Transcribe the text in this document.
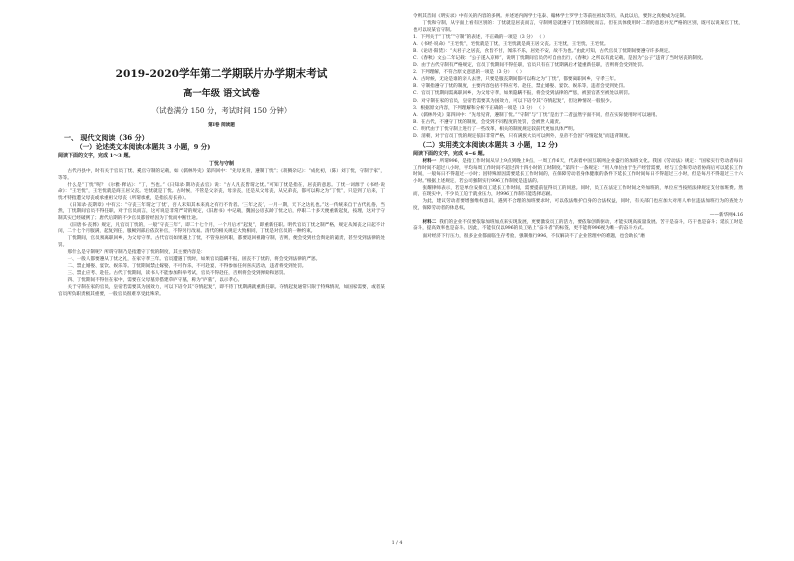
2019-2020学年第二学期联片办学期末考试

高一年级 语文试卷

（试卷满分 150 分，考试时间 150 分钟）

第Ⅰ卷 阅读题

一、 现代文阅读（36 分）

（一）论述类文本阅读(本题共 3 小题，9 分)

阅读下面的文字，完成 1～3 题。

丁忧与守制

古代丹县中，时有关于官员丁忧、奚官守制的记载，如《儒林外史》第四回中：“先母见背，遵制丁忧”；《蒋腾杂记》：“成化初，（陈）刘丁忧，守制于家”，等等。

什么是“丁忧”呢？《尔雅·释诂》：“丁，当也。”《日知录·期功丧去官》说：“古人凡丧皆谓之忧。”可知丁忧是指在，居丧的意思。丁忧一词源于《书经·说命》：“王宅忧”，王宅忧就是商王居父丧。宅忧就是丁忧。古时候，不管是父亲丧，母亲丧，还是从父母丧，从兄弟丧，都可以称之为“丁忧”，只是到了后来，丁忧才特指遭父母丧或承重祖父母丧（所谓承重，是指长房长孙）。

《日知录·丧期章》中有云：“守丧三年谓之‘丁忧’，吾人未知其本来真之有行不肯者。‘三年之丧’，一月一期，天下之达礼也。”这一传统来自于古代礼俗，当然，丁忧期间官员不得任职，对于官员而言，这可说是非常严苛的规定，《旧唐书》中记载，魏国公房玄龄丁忧之后，停职二十多天便重新起复，按理，这对于守制其实已经破例了；唐代后期的不少官员都曾经因为丁忧而中断仕途。

《旧唐书·丧葬》规定，凡官员丁忧的，一般“守丧三年”，即二十七个月，一个月后才“起复”，即重新任职。明代官员丁忧之制严格，规定从闻丧之日起不计闰，二十七个月服满，起复到任，服阙到部后依次补官，不得另行改易。清代的相关规定大致相同，丁忧是对官员的一种约束。

丁忧期间，官员须离职回乡，为父母守孝。古代官员如果遇上丁忧，不管身居何职，都要返回祖籍守制，否则，便会受到社会舆论的谴责，甚至受到法律的处罚。

那什么是守制呢？所谓守制乃是指遭守丁忧的制度，其主要内容是：

一、一般人都要遵从丁忧之礼，在家守孝三年。官员遭遇丁忧时，如果官员隐瞒不报，匿丧不丁忧的，将会受到法律的严惩。

二、禁止婚娶、宴饮、娱乐等。丁忧期间禁止嫁娶，不可作乐，不可赴宴，不得参加任何喜庆活动，违者将受到处罚。

三、禁止应考、赴任。古代丁忧期间，读书人不能参加科举考试，官员不得赴任，否则将会受到弹劾和惩罚。

四、丁忧期间不得住在家中，需要在父母墓旁搭建草庐守墓，称为“庐墓”，以示孝心。

关于守制在家的官员，皇帝若需要其为国效力，可以下诏令其“夺情起复”，即不待丁忧期满就重新任职。夺情起复通常只限于特殊情况，如国家需要，或者某官员所负职责极其重要，一般官员很难享受此殊荣。

令则其音间《明实录》中有关的内容的多例。并述述内阁学士屯泰、翰林学士罗学士等前往祖坟等历，从此以后，要封之真便成为定制。

丁忧和守制，从字面上看有区别的：丁忧就是居丧而言，守制则是就遵守丁忧的制度而言。但在具体使用时二者的意思并无严格的区别，既可以说某官丁忧，也可以说某官守制。

1．下列关于“丁忧”“守制”的表述，不正确的一项是（3 分） （ ）

A．《书经·说命》“王宅忧”，宅忧就是丁忧，王宅忧就是商王居父丧。王宅忧，王宅忧，王宅忧。

B．《论语·阳货》：“夫君子之居丧，食旨不甘，闻乐不乐，居处不安，故不为也。”由此可知，古代官员丁忧期间要遵守许多规定。

C．《春秋》文公二年记载：“公子遂入京师”，说明丁忧期间官员仍可自由出行，《春秋》之所以有此记载，是因为“公子”违背了当时居丧的制度。

D．由于古代守制有严格规定，官员丁忧期间不得任职，官员只有在丁忧期满后才能重新任职，否则将会受到处罚。

2．下列理解，不符合原文意思的一项是（3 分） （ ）

A．古时候，无论是谁的亲人去世，只要是服丧期间都可以称之为“丁忧”，都要离职回乡，守孝三年。

B．守制指遵守丁忧的制度，主要内容包括不得应考、赴任，禁止婚娶、宴饮、娱乐等，违者会受到处罚。

C．官员丁忧期间需离职回乡，为父母守孝，如果隐瞒不报，将会受到法律的严惩，被罢官甚至被处以刑罚。

D．对守制在家的官员，皇帝若需要其为国效力，可以下诏令其“夺情起复”，但这种情况一般很少。

3．根据原文内容，下列理解和分析不正确的一项是（3 分） （ ）

A．《儒林外史》第四回中：“先母见背，遵制丁忧。”“守制”与“丁忧”是出于二者虽然字面不同，但在实际使用时可以通用。

B．在古代，不遵守丁忧的制度，会受到不同程度的处罚，会被世人谴责。

C．明代由于丁忧守制上进行了一些改革，相关的制度规定较前代更加具体严明。

D．清朝，对于官员丁忧的规定依旧非常严格，只有满族大员可以例外，皇帝不会因“夺情起复”而违背制度。

（二）实用类文本阅读(本题共 3 小题，12 分)

阅读下面的文字，完成 4~6 题。

材料一 所谓996，是指工作时间从早上9点到晚上9点，一周工作6天，代表着中国互联网企业盛行的加班文化。我国《劳动法》规定：“国家实行劳动者每日工作时间不超过八小时，平均每周工作时间不超过四十四小时的工时制度。”第四十一条规定：“用人单位由于生产经营需要，经与工会和劳动者协商后可以延长工作时间，一般每日不得超过一小时；因特殊原因需要延长工作时间的，在保障劳动者身体健康的条件下延长工作时间每日不得超过三小时，但是每月不得超过三十六小时。”根据上述规定，若公司强制实行996工作制度是违法的。

张耀律师表示，若是单位安排员工延长工作时间，需要提前征得员工的同意。同时，员工在法定工作时间之外加班的，单位应当按照法律规定支付加班费。然而，在现实中，不少员工迫于就业压力，对996工作制只能选择忍耐。

为此，建议劳动者要增强维权意识，遇到不合理的加班要求时，可以依法维护自身的合法权益，同时，有关部门也应加大对用人单位违法加班行为的查处力度，保障劳动者的休息权。

——新华网4.16

材料二 我们的企业不仅要依靠加班加点来实现发展，更要激发员工的活力，要依靠创新驱动，才能实现高质量发展。苦干是奋斗，巧干也是奋斗；延长工时是奋斗，提高效率也是奋斗。因此，不能仅仅以996的员工贴上“奋斗者”的标签，更不能将996视为唯一的奋斗方式。

面对经济下行压力，很多企业都面临生存考验，强制推行996，不仅解决不了企业管理中的难题，也会助长“磨

1 / 4
